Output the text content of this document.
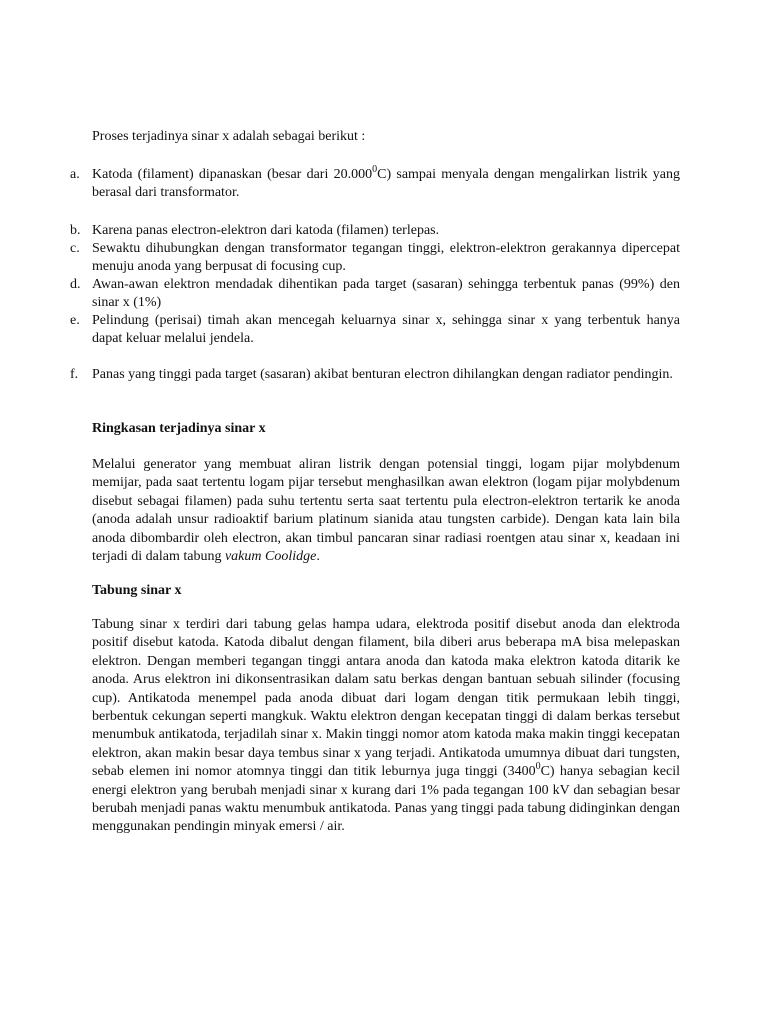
Proses terjadinya sinar x adalah sebagai berikut :
a. Katoda (filament) dipanaskan (besar dari 20.000$^0$C) sampai menyala dengan mengalirkan listrik yang berasal dari transformator.
b. Karena panas electron-elektron dari katoda (filamen) terlepas.
c. Sewaktu dihubungkan dengan transformator tegangan tinggi, elektron-elektron gerakannya dipercepat menuju anoda yang berpusat di focusing cup.
d. Awan-awan elektron mendadak dihentikan pada target (sasaran) sehingga terbentuk panas (99%) den sinar x (1%)
e. Pelindung (perisai) timah akan mencegah keluarnya sinar x, sehingga sinar x yang terbentuk hanya dapat keluar melalui jendela.
f. Panas yang tinggi pada target (sasaran) akibat benturan electron dihilangkan dengan radiator pendingin.
Ringkasan terjadinya sinar x
Melalui generator yang membuat aliran listrik dengan potensial tinggi, logam pijar molybdenum memijar, pada saat tertentu logam pijar tersebut menghasilkan awan elektron (logam pijar molybdenum disebut sebagai filamen) pada suhu tertentu serta saat tertentu pula electron-elektron tertarik ke anoda (anoda adalah unsur radioaktif barium platinum sianida atau tungsten carbide). Dengan kata lain bila anoda dibombardir oleh electron, akan timbul pancaran sinar radiasi roentgen atau sinar x, keadaan ini terjadi di dalam tabung vakum Coolidge.
Tabung sinar x
Tabung sinar x terdiri dari tabung gelas hampa udara, elektroda positif disebut anoda dan elektroda positif disebut katoda. Katoda dibalut dengan filament, bila diberi arus beberapa mA bisa melepaskan elektron. Dengan memberi tegangan tinggi antara anoda dan katoda maka elektron katoda ditarik ke anoda. Arus elektron ini dikonsentrasikan dalam satu berkas dengan bantuan sebuah silinder (focusing cup). Antikatoda menempel pada anoda dibuat dari logam dengan titik permukaan lebih tinggi, berbentuk cekungan seperti mangkuk. Waktu elektron dengan kecepatan tinggi di dalam berkas tersebut menumbuk antikatoda, terjadilah sinar x. Makin tinggi nomor atom katoda maka makin tinggi kecepatan elektron, akan makin besar daya tembus sinar x yang terjadi. Antikatoda umumnya dibuat dari tungsten, sebab elemen ini nomor atomnya tinggi dan titik leburnya juga tinggi (3400$^0$C) hanya sebagian kecil energi elektron yang berubah menjadi sinar x kurang dari 1% pada tegangan 100 kV dan sebagian besar berubah menjadi panas waktu menumbuk antikatoda. Panas yang tinggi pada tabung didinginkan dengan menggunakan pendingin minyak emersi / air.
